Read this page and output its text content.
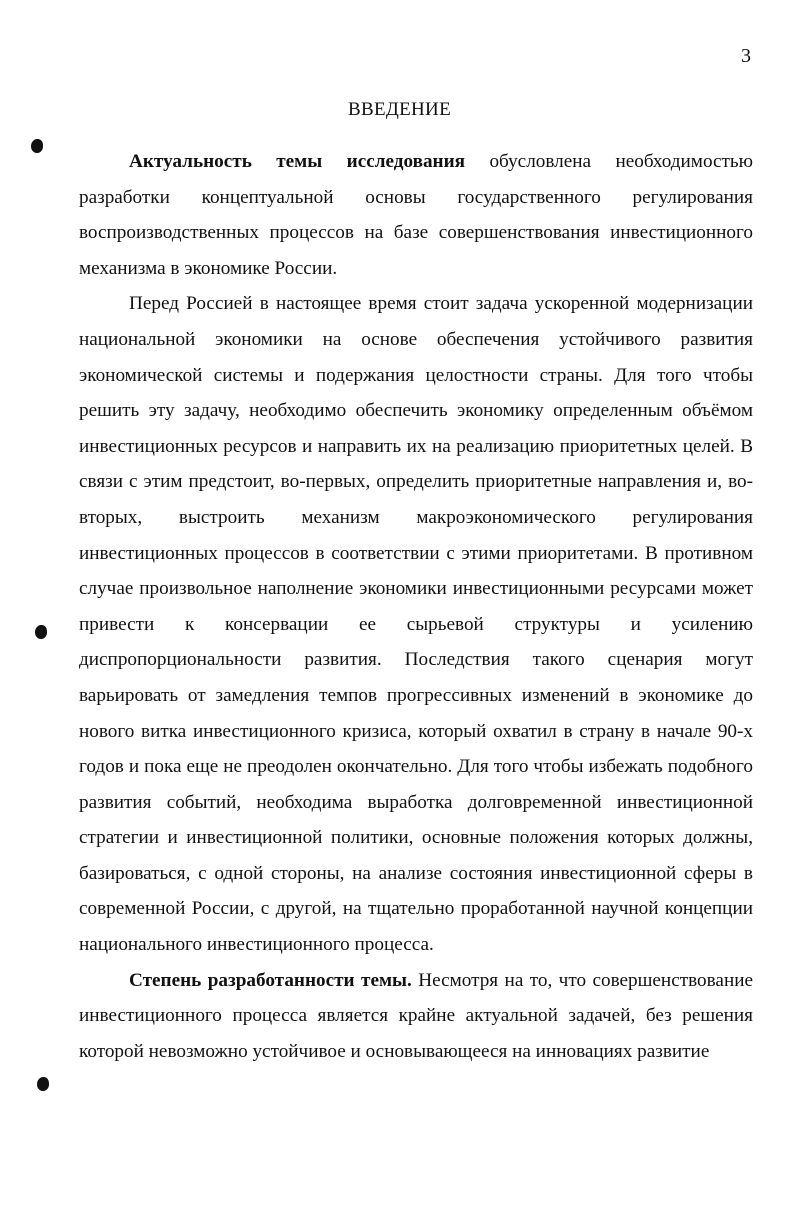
3
ВВЕДЕНИЕ

Актуальность темы исследования обусловлена необходимостью разработки концептуальной основы государственного регулирования воспроизводственных процессов на базе совершенствования инвестиционного механизма в экономике России.

Перед Россией в настоящее время стоит задача ускоренной модернизации национальной экономики на основе обеспечения устойчивого развития экономической системы и подержания целостности страны. Для того чтобы решить эту задачу, необходимо обеспечить экономику определенным объёмом инвестиционных ресурсов и направить их на реализацию приоритетных целей. В связи с этим предстоит, во-первых, определить приоритетные направления и, во-вторых, выстроить механизм макроэкономического регулирования инвестиционных процессов в соответствии с этими приоритетами. В противном случае произвольное наполнение экономики инвестиционными ресурсами может привести к консервации ее сырьевой структуры и усилению диспропорциональности развития. Последствия такого сценария могут варьировать от замедления темпов прогрессивных изменений в экономике до нового витка инвестиционного кризиса, который охватил в страну в начале 90-х годов и пока еще не преодолен окончательно. Для того чтобы избежать подобного развития событий, необходима выработка долговременной инвестиционной стратегии и инвестиционной политики, основные положения которых должны, базироваться, с одной стороны, на анализе состояния инвестиционной сферы в современной России, с другой, на тщательно проработанной научной концепции национального инвестиционного процесса.

Степень разработанности темы. Несмотря на то, что совершенствование инвестиционного процесса является крайне актуальной задачей, без решения которой невозможно устойчивое и основывающееся на инновациях развитие
